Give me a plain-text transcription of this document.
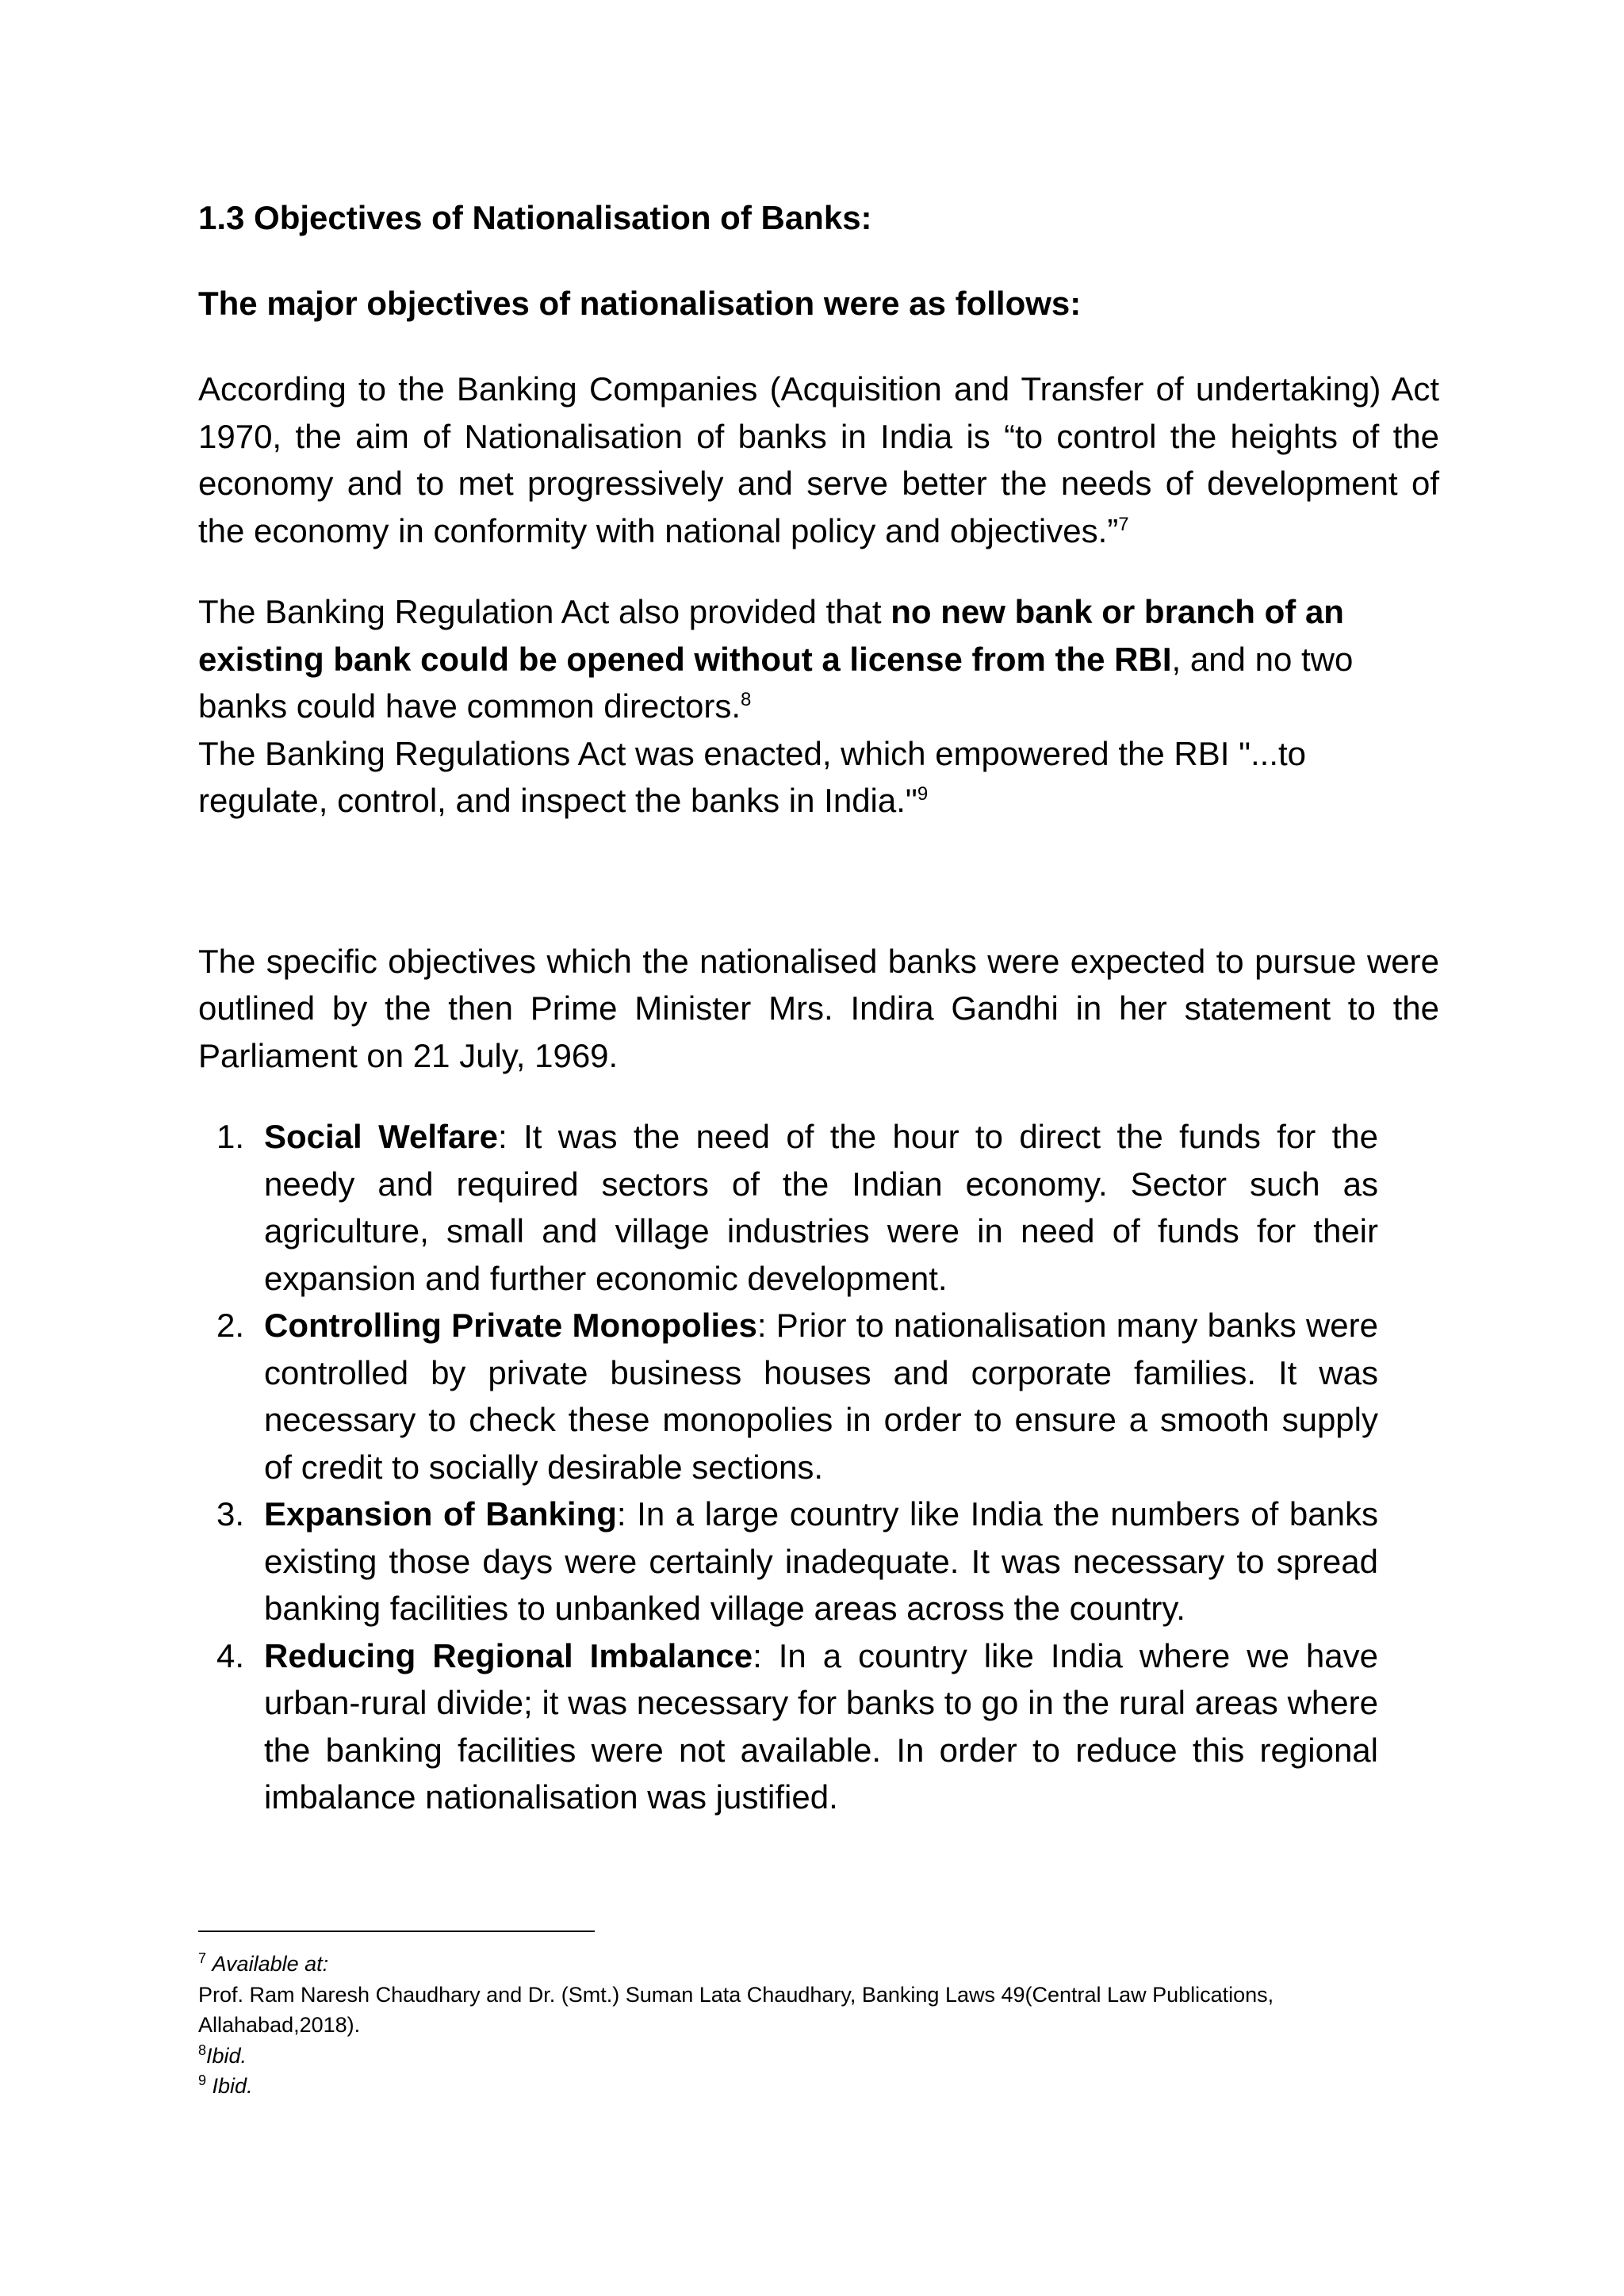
1.3 Objectives of Nationalisation of Banks:
The major objectives of nationalisation were as follows:

According to the Banking Companies (Acquisition and Transfer of undertaking) Act 1970, the aim of Nationalisation of banks in India is “to control the heights of the economy and to met progressively and serve better the needs of development of the economy in conformity with national policy and objectives.”$^7$

The Banking Regulation Act also provided that no new bank or branch of an existing bank could be opened without a license from the RBI, and no two banks could have common directors.$^8$

The Banking Regulations Act was enacted, which empowered the RBI "...to regulate, control, and inspect the banks in India."$^9$

The specific objectives which the nationalised banks were expected to pursue were outlined by the then Prime Minister Mrs. Indira Gandhi in her statement to the Parliament on 21 July, 1969.

1. Social Welfare: It was the need of the hour to direct the funds for the needy and required sectors of the Indian economy. Sector such as agriculture, small and village industries were in need of funds for their expansion and further economic development.
2. Controlling Private Monopolies: Prior to nationalisation many banks were controlled by private business houses and corporate families. It was necessary to check these monopolies in order to ensure a smooth supply of credit to socially desirable sections.
3. Expansion of Banking: In a large country like India the numbers of banks existing those days were certainly inadequate. It was necessary to spread banking facilities to unbanked village areas across the country.
4. Reducing Regional Imbalance: In a country like India where we have urban-rural divide; it was necessary for banks to go in the rural areas where the banking facilities were not available. In order to reduce this regional imbalance nationalisation was justified.

$^7$ Available at:

Prof. Ram Naresh Chaudhary and Dr. (Smt.) Suman Lata Chaudhary, Banking Laws 49(Central Law Publications, Allahabad,2018).

$^8$Ibid.

$^9$ Ibid.
